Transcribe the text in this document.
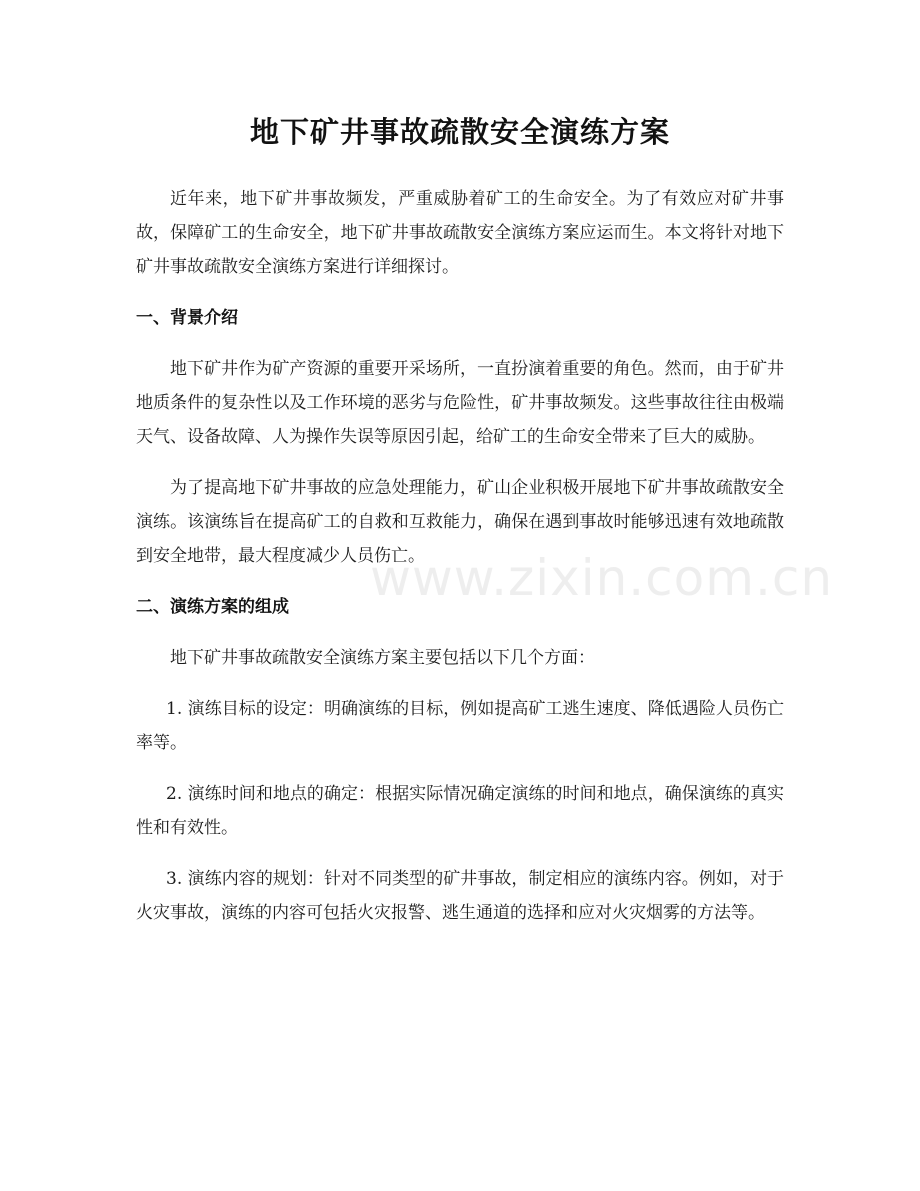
地下矿井事故疏散安全演练方案

近年来，地下矿井事故频发，严重威胁着矿工的生命安全。为了有效应对矿井事故，保障矿工的生命安全，地下矿井事故疏散安全演练方案应运而生。本文将针对地下矿井事故疏散安全演练方案进行详细探讨。

一、背景介绍

地下矿井作为矿产资源的重要开采场所，一直扮演着重要的角色。然而，由于矿井地质条件的复杂性以及工作环境的恶劣与危险性，矿井事故频发。这些事故往往由极端天气、设备故障、人为操作失误等原因引起，给矿工的生命安全带来了巨大的威胁。

为了提高地下矿井事故的应急处理能力，矿山企业积极开展地下矿井事故疏散安全演练。该演练旨在提高矿工的自救和互救能力，确保在遇到事故时能够迅速有效地疏散到安全地带，最大程度减少人员伤亡。

二、演练方案的组成

地下矿井事故疏散安全演练方案主要包括以下几个方面：

1. 演练目标的设定：明确演练的目标，例如提高矿工逃生速度、降低遇险人员伤亡率等。

2. 演练时间和地点的确定：根据实际情况确定演练的时间和地点，确保演练的真实性和有效性。

3. 演练内容的规划：针对不同类型的矿井事故，制定相应的演练内容。例如，对于火灾事故，演练的内容可包括火灾报警、逃生通道的选择和应对火灾烟雾的方法等。

www.zixin.com.cn
